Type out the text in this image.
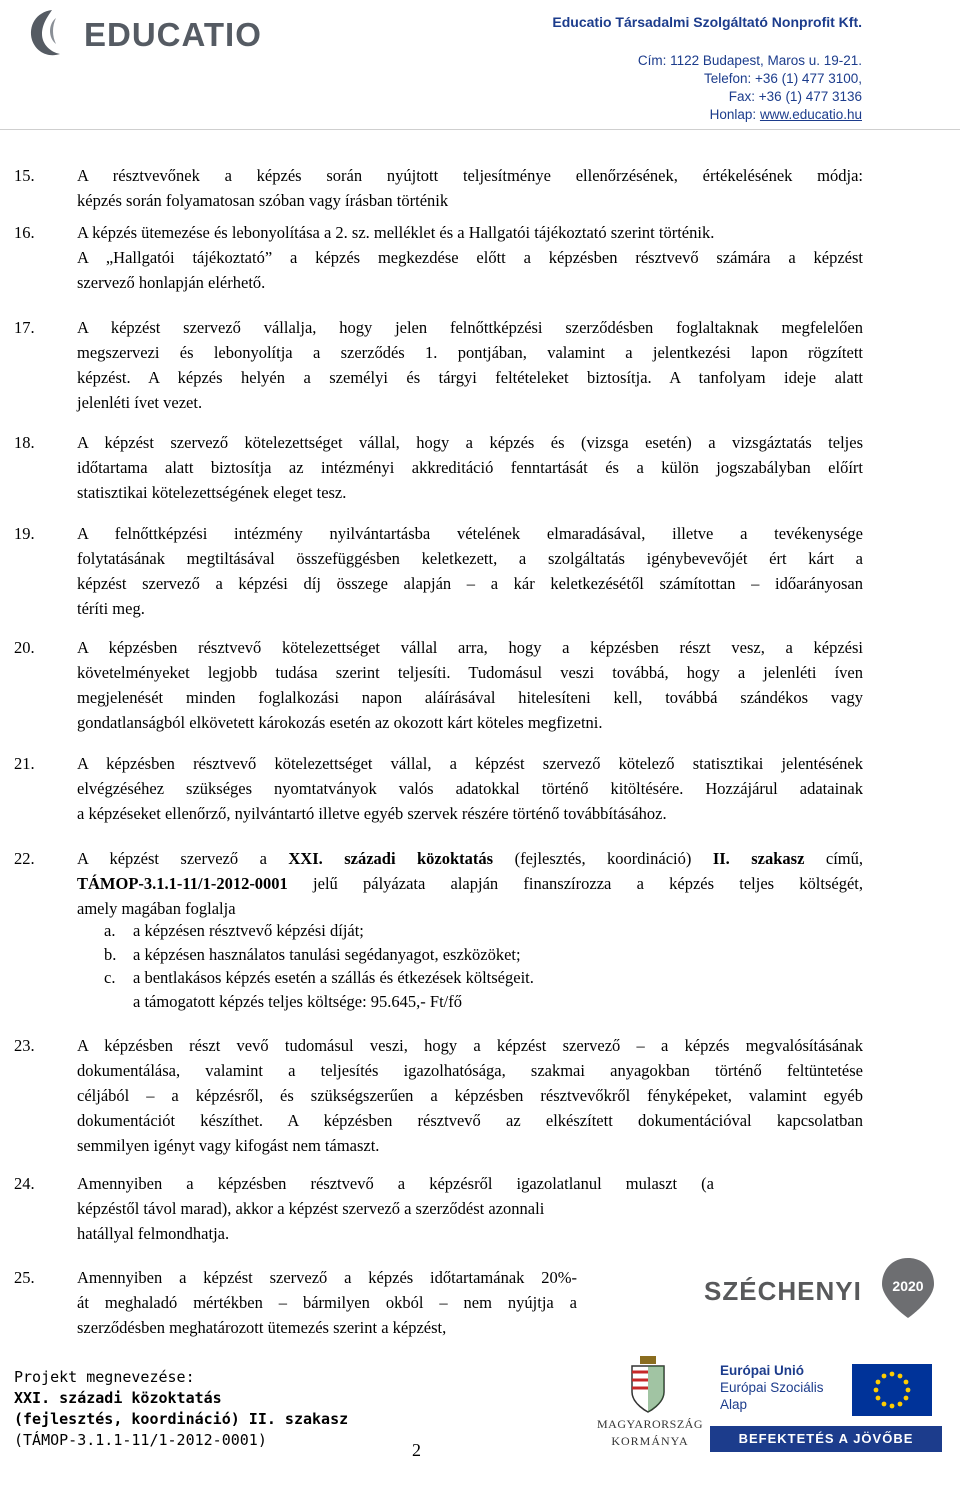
EDUCATIO	Educatio Társadalmi Szolgáltató Nonprofit Kft.
Cím: 1122 Budapest, Maros u. 19-21.
Telefon: +36 (1) 477 3100,
Fax: +36 (1) 477 3136
Honlap: www.educatio.hu
15.	A résztvevőnek a képzés során nyújtott teljesítménye ellenőrzésének, értékelésének módja:
képzés során folyamatosan szóban vagy írásban történik
16.	A képzés ütemezése és lebonyolítása a 2. sz. melléklet és a Hallgatói tájékoztató szerint történik.
A „Hallgatói tájékoztató” a képzés megkezdése előtt a képzésben résztvevő számára a képzést
szervező honlapján elérhető.
17.	A képzést szervező vállalja, hogy jelen felnőttképzési szerződésben foglaltaknak megfelelően
megszervezi és lebonyolítja a szerződés 1. pontjában, valamint a jelentkezési lapon rögzített
képzést. A képzés helyén a személyi és tárgyi feltételeket biztosítja. A tanfolyam ideje alatt
jelenléti ívet vezet.
18.	A képzést szervező kötelezettséget vállal, hogy a képzés és (vizsga esetén) a vizsgáztatás teljes
időtartama alatt biztosítja az intézményi akkreditáció fenntartását és a külön jogszabályban előírt
statisztikai kötelezettségének eleget tesz.
19.	A felnőttképzési intézmény nyilvántartásba vételének elmaradásával, illetve a tevékenysége
folytatásának megtiltásával összefüggésben keletkezett, a szolgáltatás igénybevevőjét ért kárt a
képzést szervező a képzési díj összege alapján – a kár keletkezésétől számítottan – időarányosan
téríti meg.
20.	A képzésben résztvevő kötelezettséget vállal arra, hogy a képzésben részt vesz, a képzési
követelményeket legjobb tudása szerint teljesíti. Tudomásul veszi továbbá, hogy a jelenléti íven
megjelenését minden foglalkozási napon aláírásával hitelesíteni kell, továbbá szándékos vagy
gondatlanságból elkövetett károkozás esetén az okozott kárt köteles megfizetni.
21.	A képzésben résztvevő kötelezettséget vállal, a képzést szervező kötelező statisztikai jelentésének
elvégzéséhez szükséges nyomtatványok valós adatokkal történő kitöltésére. Hozzájárul adatainak
a képzéseket ellenőrző, nyilvántartó illetve egyéb szervek részére történő továbbításához.
22.	A képzést szervező a XXI. századi közoktatás (fejlesztés, koordináció) II. szakasz című,
TÁMOP-3.1.1-11/1-2012-0001 jelű pályázata alapján finanszírozza a képzés teljes költségét,
amely magában foglalja
a. a képzésen résztvevő képzési díját;
b. a képzésen használatos tanulási segédanyagot, eszközöket;
c. a bentlakásos képzés esetén a szállás és étkezések költségeit.
a támogatott képzés teljes költsége: 95.645,- Ft/fő
23.	A képzésben részt vevő tudomásul veszi, hogy a képzést szervező – a képzés megvalósításának
dokumentálása, valamint a teljesítés igazolhatósága, szakmai anyagokban történő feltüntetése
céljából – a képzésről, és szükségszerűen a képzésben résztvevőkről fényképeket, valamint egyéb
dokumentációt készíthet. A képzésben résztvevő az elkészített dokumentációval kapcsolatban
semmilyen igényt vagy kifogást nem támaszt.
24.	Amennyiben a képzésben résztvevő a képzésről igazolatlanul mulaszt (a
képzéstől távol marad), akkor a képzést szervező a szerződést azonnali
hatállyal felmondhatja.
25.	Amennyiben a képzést szervező a képzés időtartamának 20%-
át meghaladó mértékben – bármilyen okból – nem nyújtja a
szerződésben meghatározott ütemezés szerint a képzést,
SZÉCHENYI 2020
MAGYARORSZÁG
KORMÁNYA
Európai Unió
Európai Szociális
Alap
BEFEKTETÉS A JÖVŐBE
Projekt megnevezése:
XXI. századi közoktatás
(fejlesztés, koordináció) II. szakasz
(TÁMOP-3.1.1-11/1-2012-0001)	2
